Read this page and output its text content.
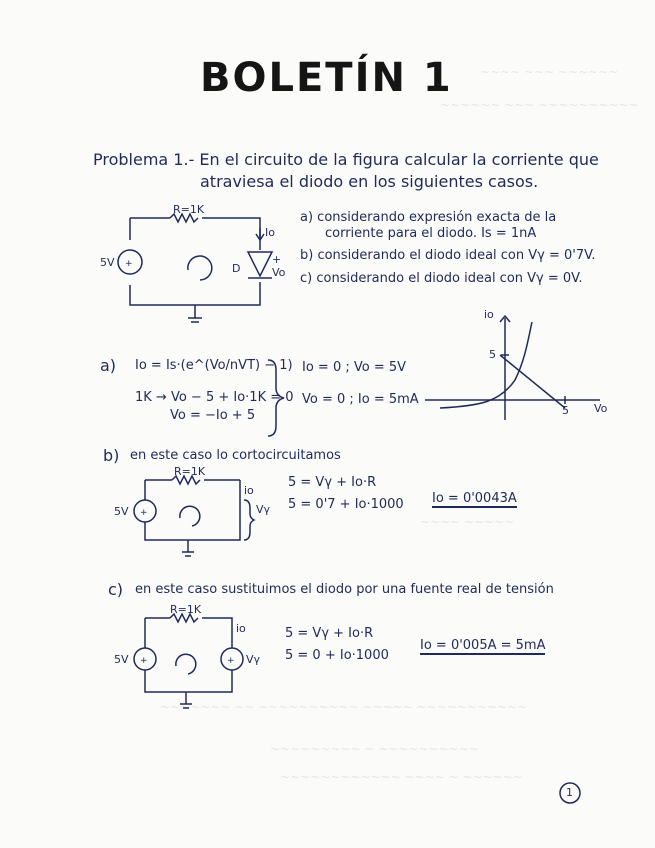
~~~~ ~~~ ~~~~~~
~~~~~~ ~~~ ~~~~~~~~~~
~~~~ ~~~~~
~~~~~~~ ~~ ~~~~~~~~~~ ~~~~~ ~~~~~~~~~~~
~~~~~~~~~ ~ ~~~~~~~~~~
~~~~~~~~~~~~ ~~~~ ~ ~~~~~~
BOLETÍN 1
Problema 1.- En el circuito de la figura calcular la corriente que
atraviesa el diodo en los siguientes casos.
+
+
+	+
R=1K
Io
5V	D
+
Vo
a) considerando expresión exacta de la
corriente para el diodo. Is = 1nA
b) considerando el diodo ideal con Vγ = 0'7V.
c) considerando el diodo ideal con Vγ = 0V.
io
5
5 Vo
a) Io = Is·(e^(Vo/nVT) − 1)
1K → Vo − 5 + Io·1K = 0
Vo = −Io + 5
Io = 0 ; Vo = 5V
Vo = 0 ; Io = 5mA
b) en este caso lo cortocircuitamos
R=1K
io
5V	Vγ
5 = Vγ + Io·R
5 = 0'7 + Io·1000 Io = 0'0043A
c) en este caso sustituimos el diodo por una fuente real de tensión
R=1K
io
5V	Vγ
5 = Vγ + Io·R
5 = 0 + Io·1000
Io = 0'005A = 5mA
1
